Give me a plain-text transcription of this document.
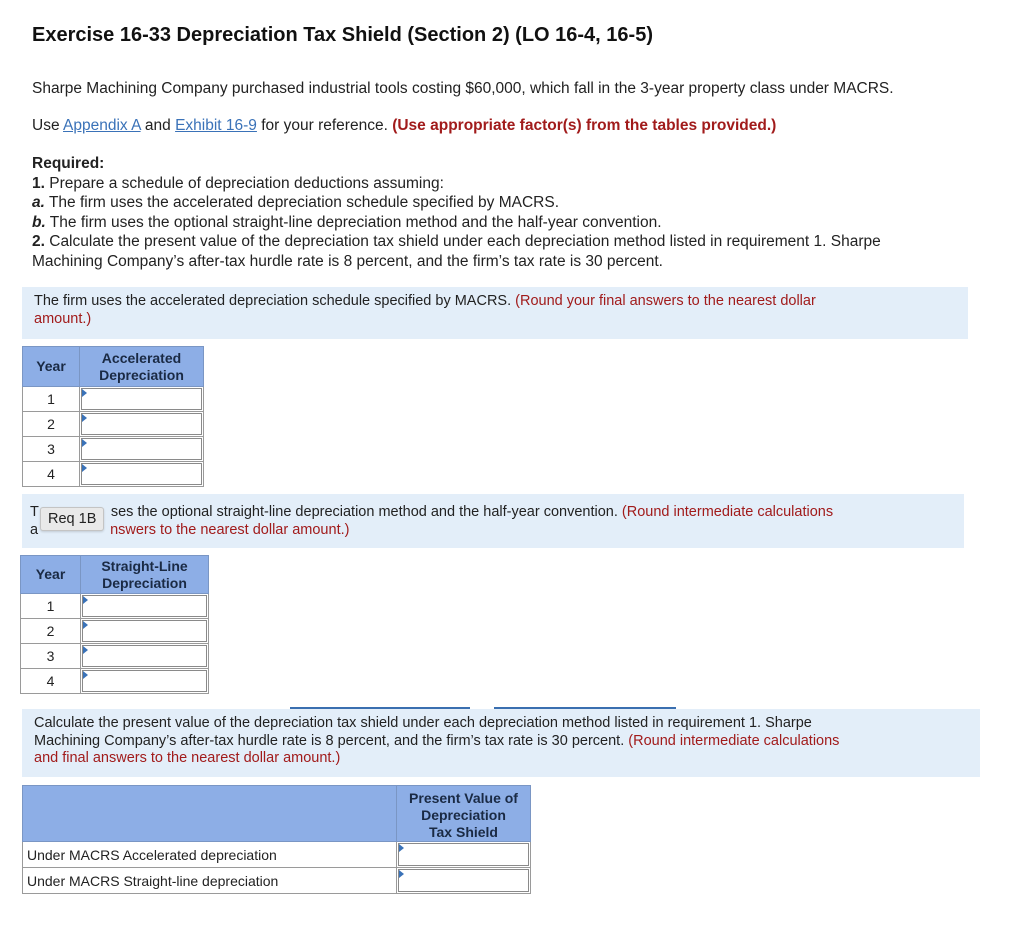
Exercise 16-33 Depreciation Tax Shield (Section 2) (LO 16-4, 16-5)
Sharpe Machining Company purchased industrial tools costing $60,000, which fall in the 3-year property class under MACRS.
Use Appendix A and Exhibit 16-9 for your reference. (Use appropriate factor(s) from the tables provided.)
Required:
1. Prepare a schedule of depreciation deductions assuming:
a. The firm uses the accelerated depreciation schedule specified by MACRS.
b. The firm uses the optional straight-line depreciation method and the half-year convention.
2. Calculate the present value of the depreciation tax shield under each depreciation method listed in requirement 1. Sharpe
Machining Company’s after-tax hurdle rate is 8 percent, and the firm’s tax rate is 30 percent.
The firm uses the accelerated depreciation schedule specified by MACRS. (Round your final answers to the nearest dollar
amount.)
Year	Accelerated
Depreciation
1	

2	

3	

4	
T	ses the optional straight-line depreciation method and the half-year convention. (Round intermediate calculations
a	nswers to the nearest dollar amount.)
Req 1B
Year	Straight-Line
Depreciation
1	

2	

3	

4	
Calculate the present value of the depreciation tax shield under each depreciation method listed in requirement 1. Sharpe
Machining Company’s after-tax hurdle rate is 8 percent, and the firm’s tax rate is 30 percent. (Round intermediate calculations
and final answers to the nearest dollar amount.)
	Present Value of
Depreciation
Tax Shield
Under MACRS Accelerated depreciation	

Under MACRS Straight-line depreciation	
